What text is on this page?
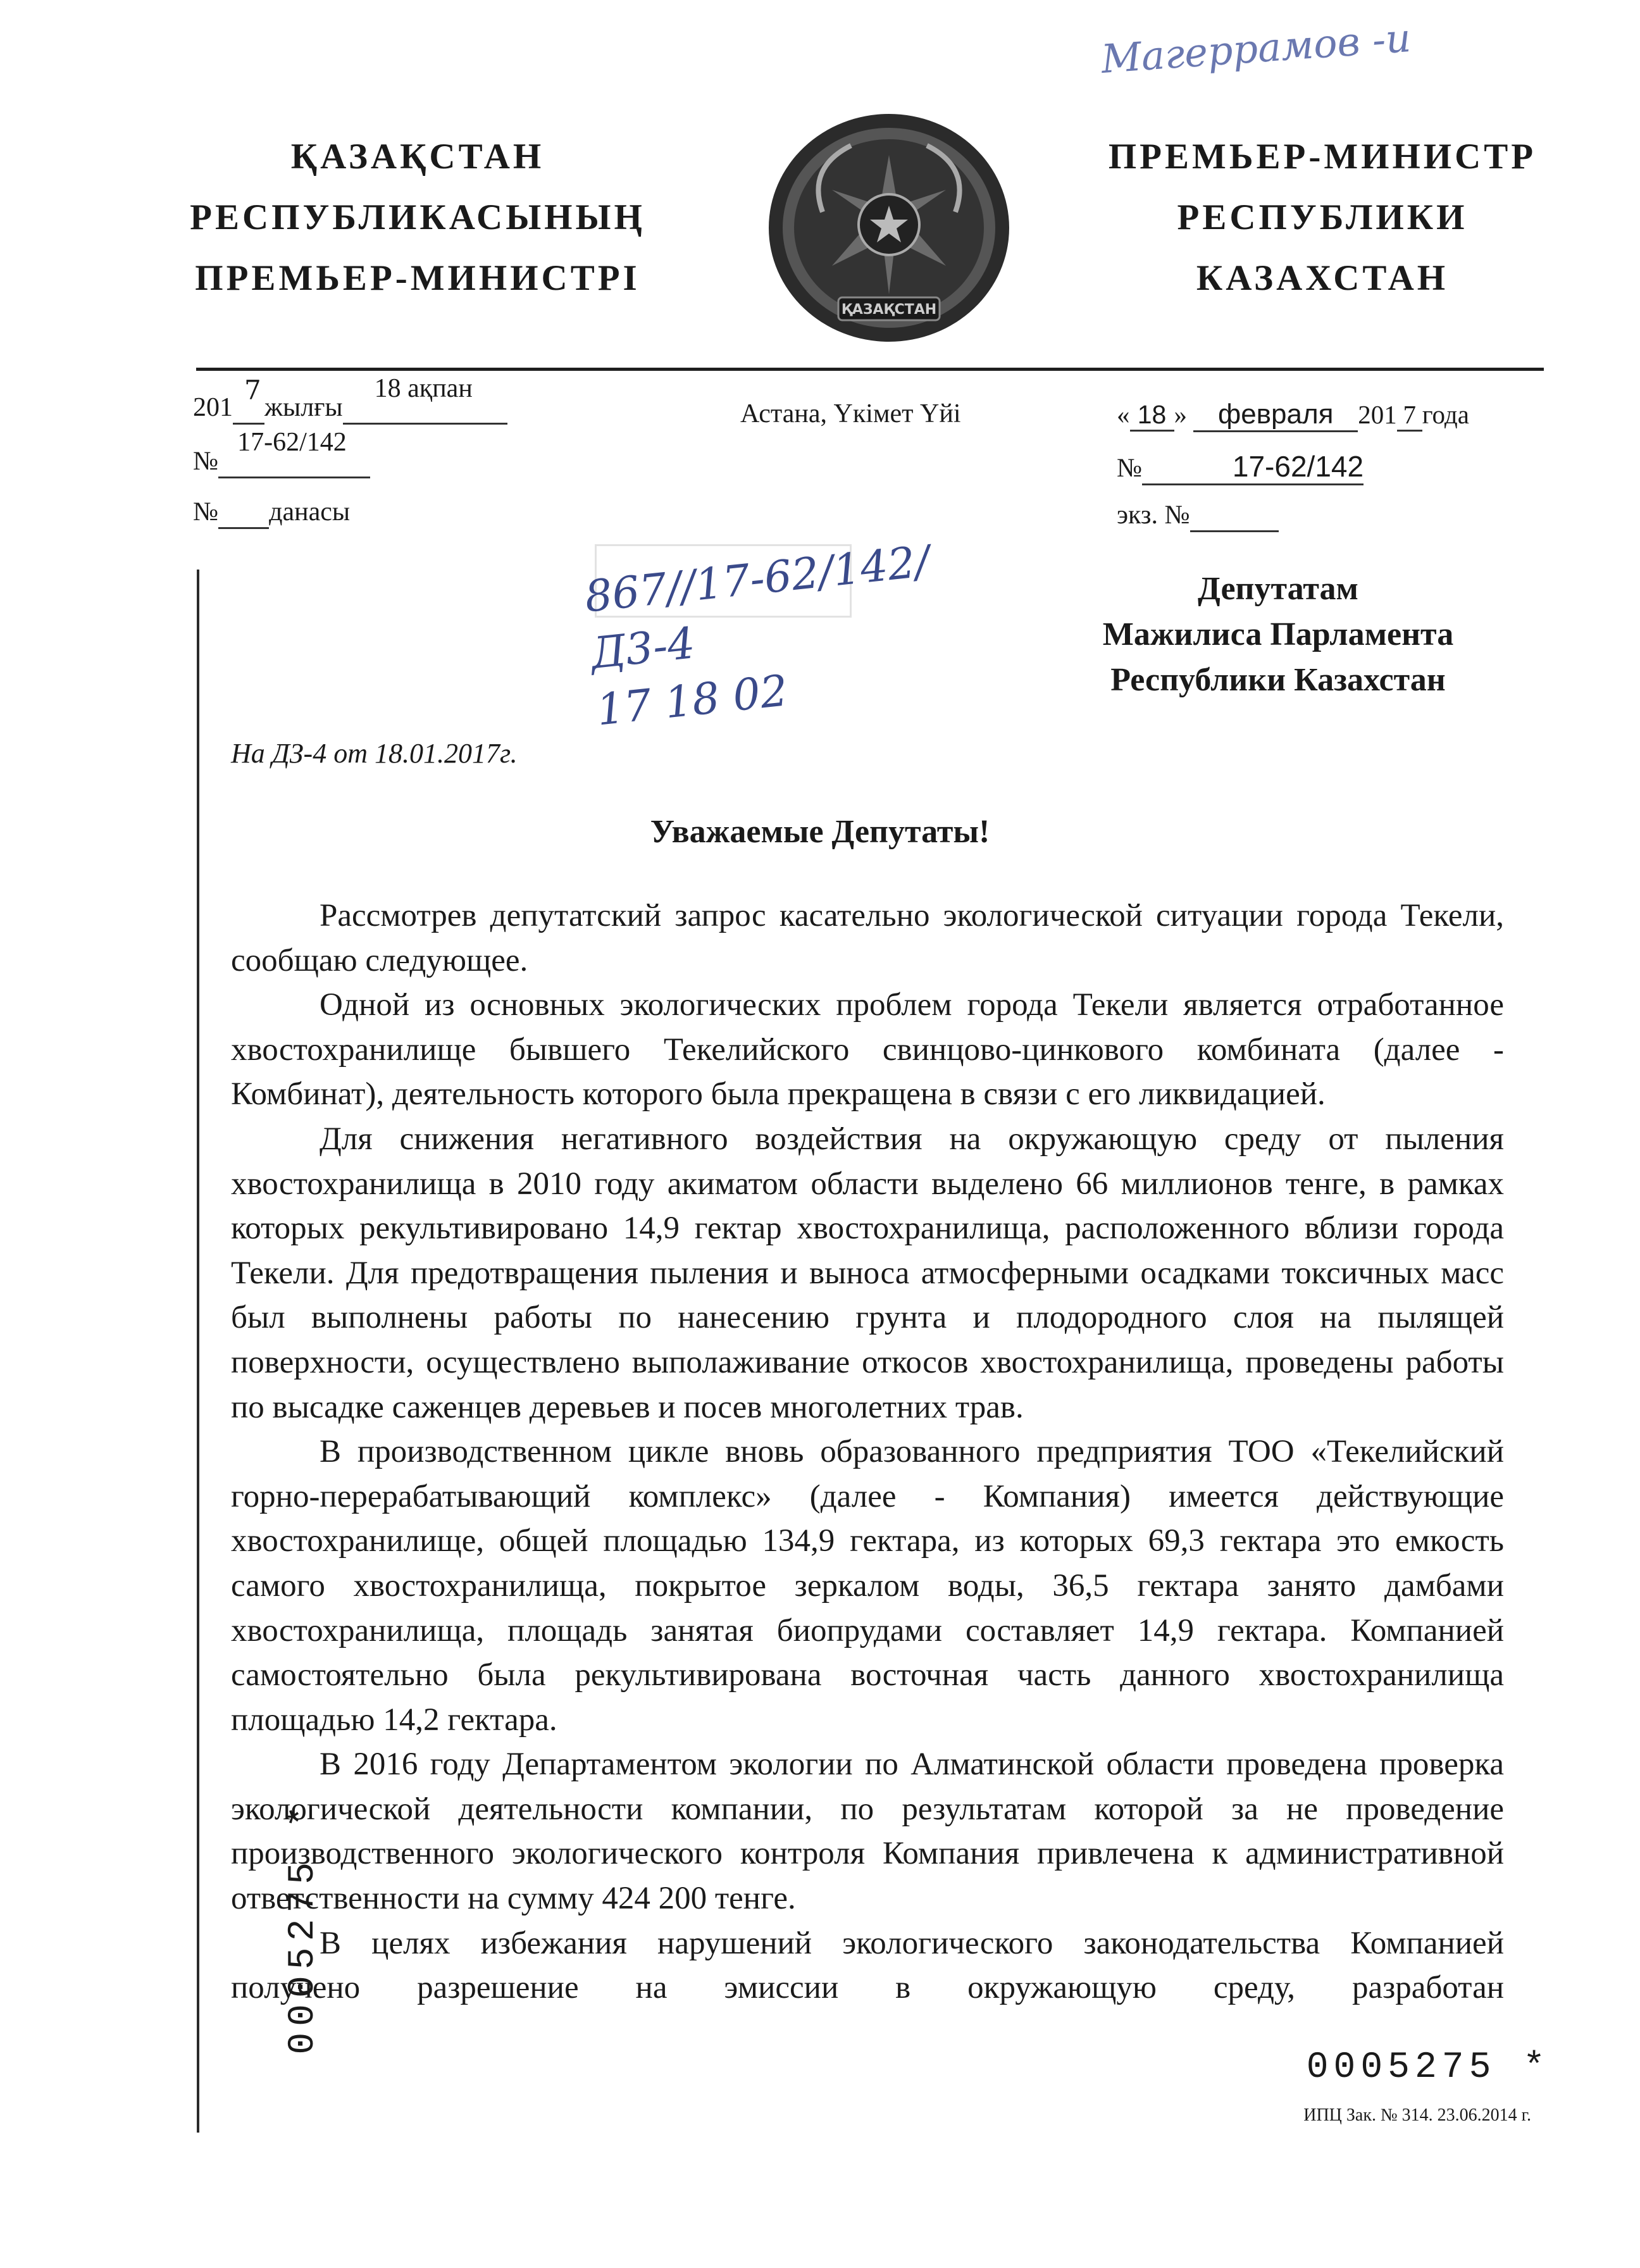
Магеррамов -и
ҚАЗАҚСТАН
РЕСПУБЛИКАСЫНЫҢ
ПРЕМЬЕР-МИНИСТРІ
ҚАЗАҚСТАН
ПРЕМЬЕР-МИНИСТР
РЕСПУБЛИКИ
КАЗАХСТАН
201
7
жылғы
18 ақпан

№
17-62/142

№ данасы
Астана, Үкімет Үйі	« 18 » февраля 201 7 года
№	17-62/142
экз. №
867//17-62/142/Д3-4
17 18 02
Депутатам
Мажилиса Парламента
Республики Казахстан
На ДЗ-4 от 18.01.2017г.
Уважаемые Депутаты!

Рассмотрев депутатский запрос касательно экологической ситуации города Текели, сообщаю следующее.

Одной из основных экологических проблем города Текели является отработанное хвостохранилище бывшего Текелийского свинцово-цинкового комбината (далее - Комбинат), деятельность которого была прекращена в связи с его ликвидацией.

Для снижения негативного воздействия на окружающую среду от пыления хвостохранилища в 2010 году акиматом области выделено 66 миллионов тенге, в рамках которых рекультивировано 14,9 гектар хвостохранилища, расположенного вблизи города Текели. Для предотвращения пыления и выноса атмосферными осадками токсичных масс был выполнены работы по нанесению грунта и плодородного слоя на пылящей поверхности, осуществлено выполаживание откосов хвостохранилища, проведены работы по высадке саженцев деревьев и посев многолетних трав.

В производственном цикле вновь образованного предприятия ТОО «Текелийский горно-перерабатывающий комплекс» (далее - Компания) имеется действующие хвостохранилище, общей площадью 134,9 гектара, из которых 69,3 гектара это емкость самого хвостохранилища, покрытое зеркалом воды, 36,5 гектара занято дамбами хвостохранилища, площадь занятая биопрудами составляет 14,9 гектара. Компанией самостоятельно была рекультивирована восточная часть данного хвостохранилища площадью 14,2 гектара.

В 2016 году Департаментом экологии по Алматинской области проведена проверка экологической деятельности компании, по результатам которой за не проведение производственного экологического контроля Компания привлечена к административной ответственности на сумму 424 200 тенге.

В целях избежания нарушений экологического законодательства Компанией получено разрешение на эмиссии в окружающую среду, разработан

0005275 *
0005275 *
ИПЦ Зак. № 314. 23.06.2014 г.
